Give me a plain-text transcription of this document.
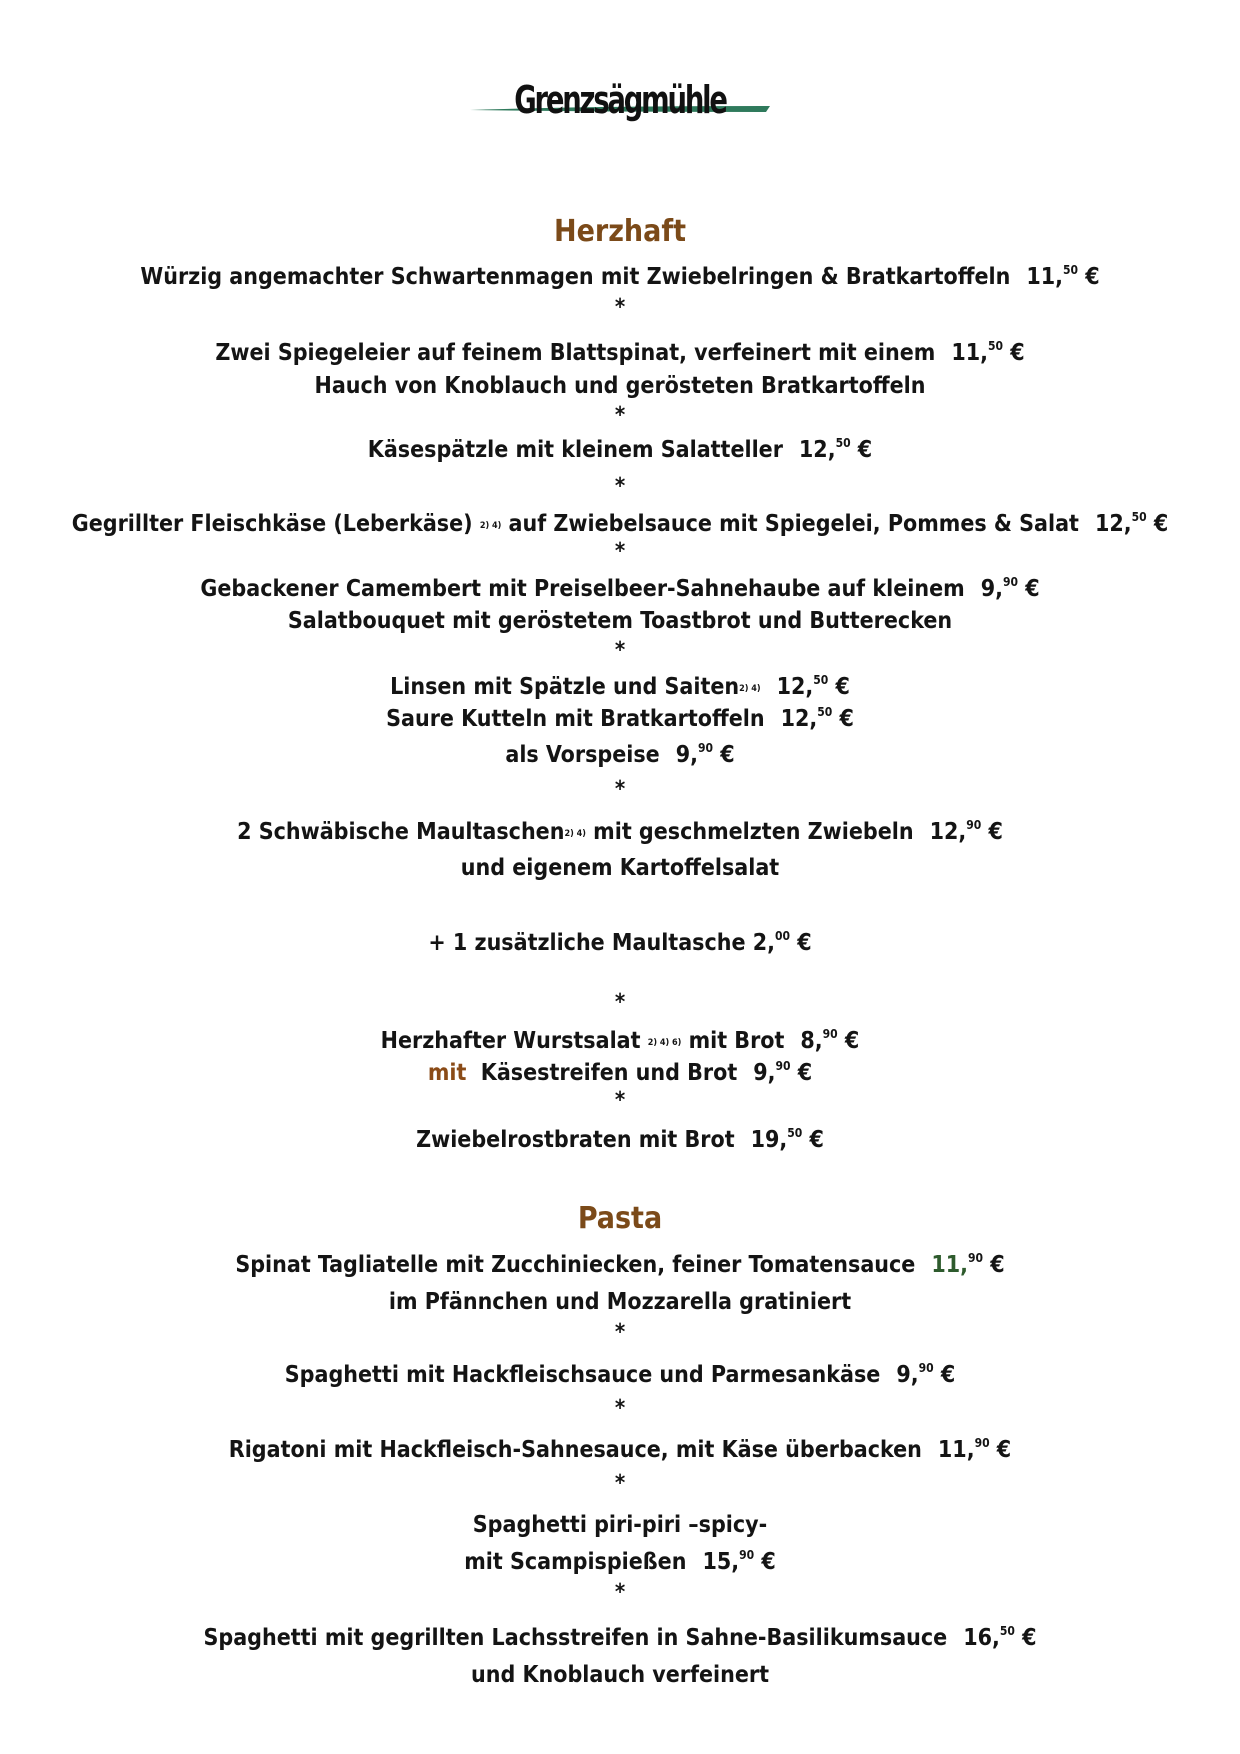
Grenzsägmühle
Herzhaft
Würzig angemachter Schwartenmagen mit Zwiebelringen & Bratkartoffeln 11,50 €
*
Zwei Spiegeleier auf feinem Blattspinat, verfeinert mit einem 11,50 €
Hauch von Knoblauch und gerösteten Bratkartoffeln
*
Käsespätzle mit kleinem Salatteller 12,50 €
*
Gegrillter Fleischkäse (Leberkäse) 2) 4) auf Zwiebelsauce mit Spiegelei, Pommes & Salat 12,50 €
*
Gebackener Camembert mit Preiselbeer-Sahnehaube auf kleinem 9,90 €
Salatbouquet mit geröstetem Toastbrot und Butterecken
*
Linsen mit Spätzle und Saiten2) 4) 12,50 €
Saure Kutteln mit Bratkartoffeln 12,50 €
als Vorspeise 9,90 €
*
2 Schwäbische Maultaschen2) 4) mit geschmelzten Zwiebeln 12,90 €
und eigenem Kartoffelsalat
+ 1 zusätzliche Maultasche 2,00 €
*
Herzhafter Wurstsalat 2) 4) 6) mit Brot 8,90 €
mit Käsestreifen und Brot 9,90 €
*
Zwiebelrostbraten mit Brot 19,50 €
Pasta
Spinat Tagliatelle mit Zucchiniecken, feiner Tomatensauce 11,90 €
im Pfännchen und Mozzarella gratiniert
*
Spaghetti mit Hackfleischsauce und Parmesankäse 9,90 €
*
Rigatoni mit Hackfleisch-Sahnesauce, mit Käse überbacken 11,90 €
*
Spaghetti piri-piri –spicy-
mit Scampispießen 15,90 €
*
Spaghetti mit gegrillten Lachsstreifen in Sahne-Basilikumsauce 16,50 €
und Knoblauch verfeinert
